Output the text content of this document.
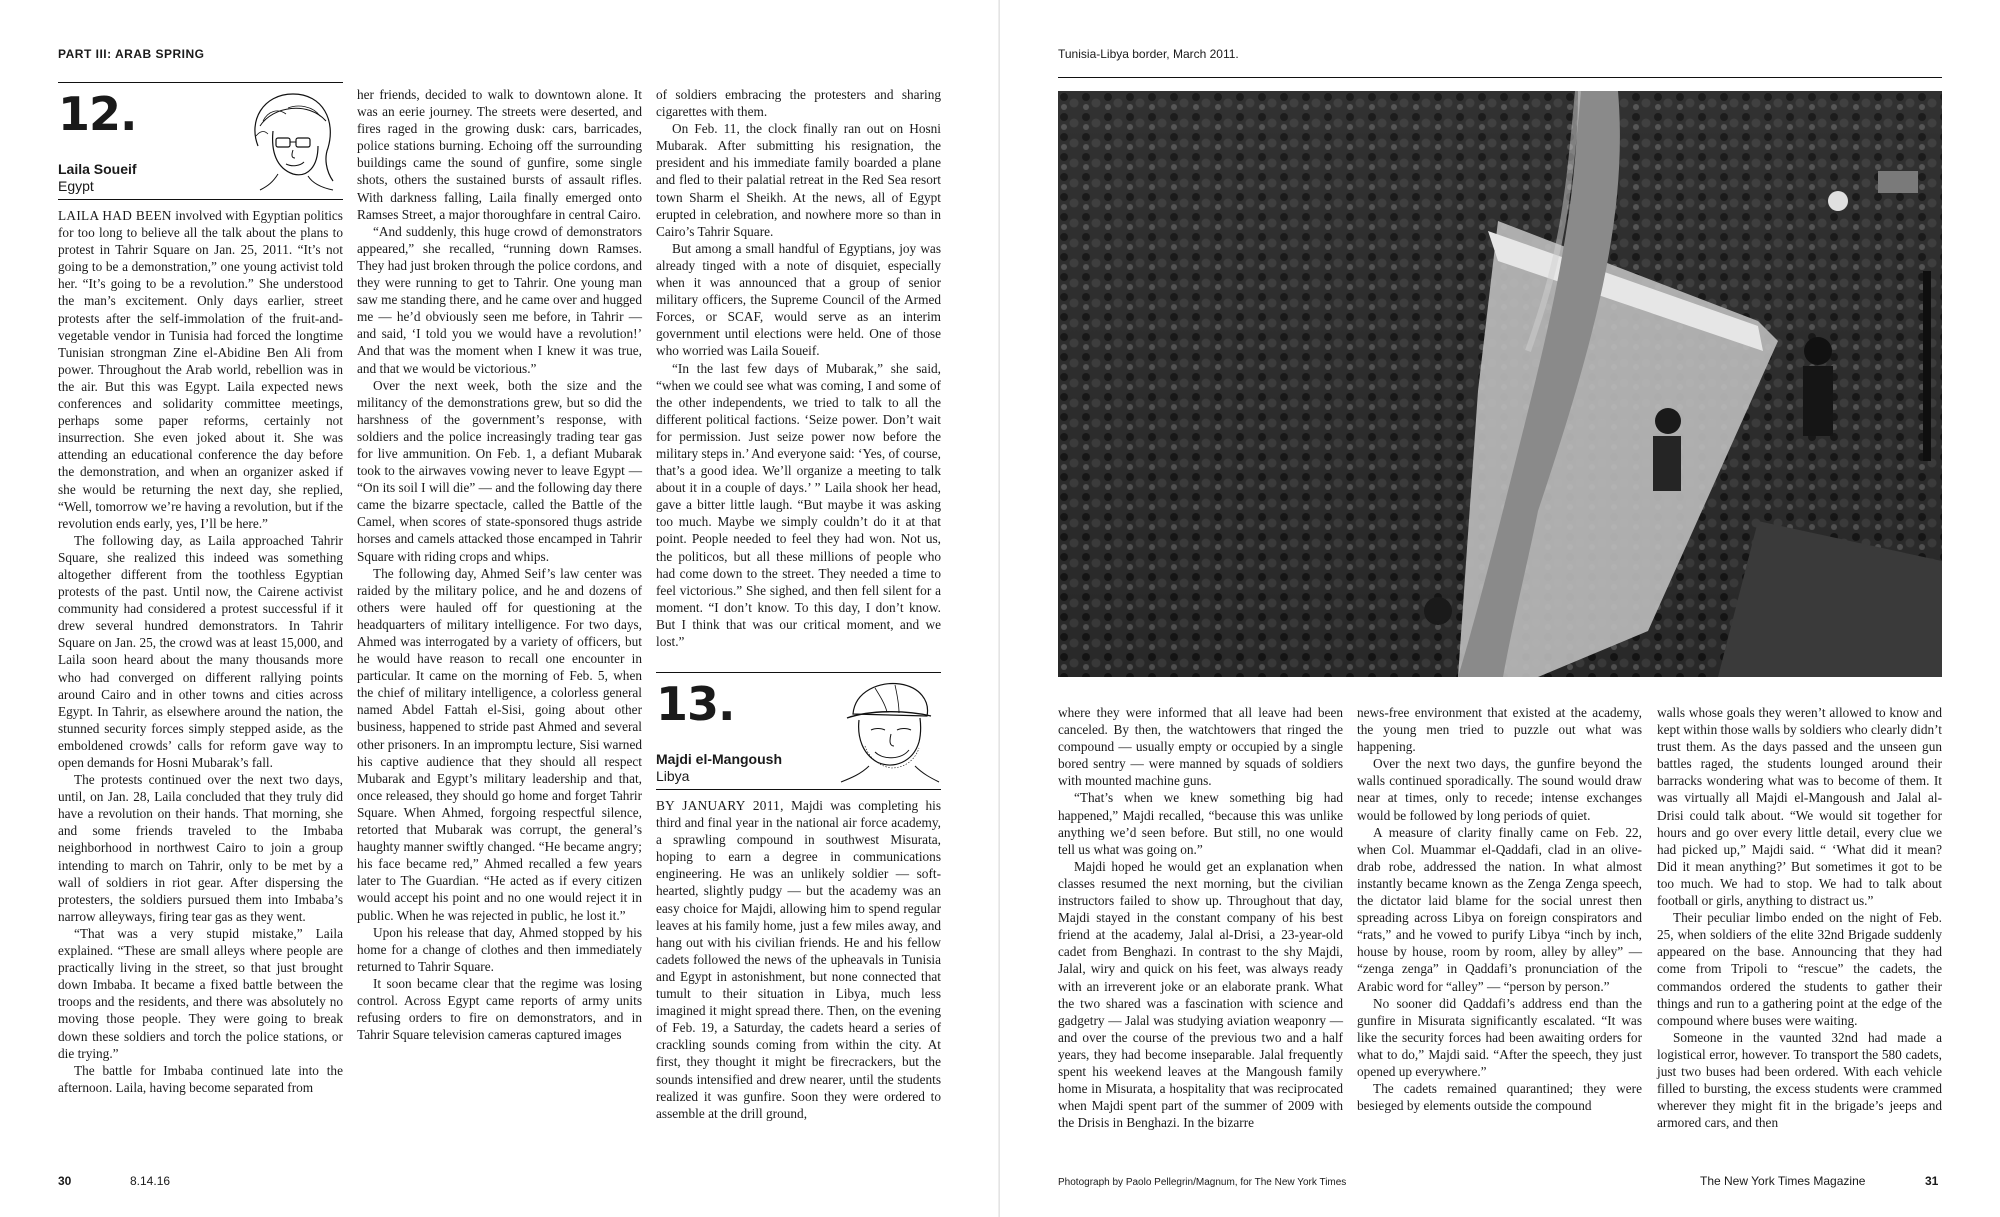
PART III: ARAB SPRING
12.
Laila Soueif
Egypt

LAILA HAD BEEN involved with Egyptian politics for too long to believe all the talk about the plans to protest in Tahrir Square on Jan. 25, 2011. “It’s not going to be a demonstration,” one young activist told her. “It’s going to be a revolution.” She understood the man’s excitement. Only days earlier, street protests after the self-immolation of the fruit-and-vegetable vendor in Tunisia had forced the longtime Tunisian strongman Zine el-Abidine Ben Ali from power. Throughout the Arab world, rebellion was in the air. But this was Egypt. Laila expected news conferences and solidarity committee meetings, perhaps some paper reforms, certainly not insurrection. She even joked about it. She was attending an educational conference the day before the demonstration, and when an organizer asked if she would be returning the next day, she replied, “Well, tomorrow we’re having a revolution, but if the revolution ends early, yes, I’ll be here.”

The following day, as Laila approached Tahrir Square, she realized this indeed was something altogether different from the toothless Egyptian protests of the past. Until now, the Cairene activist community had considered a protest successful if it drew several hundred demonstrators. In Tahrir Square on Jan. 25, the crowd was at least 15,000, and Laila soon heard about the many thousands more who had converged on different rallying points around Cairo and in other towns and cities across Egypt. In Tahrir, as elsewhere around the nation, the stunned security forces simply stepped aside, as the emboldened crowds’ calls for reform gave way to open demands for Hosni Mubarak’s fall.

The protests continued over the next two days, until, on Jan. 28, Laila concluded that they truly did have a revolution on their hands. That morning, she and some friends traveled to the Imbaba neighborhood in northwest Cairo to join a group intending to march on Tahrir, only to be met by a wall of soldiers in riot gear. After dispersing the protesters, the soldiers pursued them into Imbaba’s narrow alleyways, firing tear gas as they went.

“That was a very stupid mistake,” Laila explained. “These are small alleys where people are practically living in the street, so that just brought down Imbaba. It became a fixed battle between the troops and the residents, and there was absolutely no moving those people. They were going to break down these soldiers and torch the police stations, or die trying.”

The battle for Imbaba continued late into the afternoon. Laila, having become separated from

her friends, decided to walk to downtown alone. It was an eerie journey. The streets were deserted, and fires raged in the growing dusk: cars, barricades, police stations burning. Echoing off the surrounding buildings came the sound of gunfire, some single shots, others the sustained bursts of assault rifles. With darkness falling, Laila finally emerged onto Ramses Street, a major thoroughfare in central Cairo.

“And suddenly, this huge crowd of demonstrators appeared,” she recalled, “running down Ramses. They had just broken through the police cordons, and they were running to get to Tahrir. One young man saw me standing there, and he came over and hugged me — he’d obviously seen me before, in Tahrir — and said, ‘I told you we would have a revolution!’ And that was the moment when I knew it was true, and that we would be victorious.”

Over the next week, both the size and the militancy of the demonstrations grew, but so did the harshness of the government’s response, with soldiers and the police increasingly trading tear gas for live ammunition. On Feb. 1, a defiant Mubarak took to the airwaves vowing never to leave Egypt — “On its soil I will die” — and the following day there came the bizarre spectacle, called the Battle of the Camel, when scores of state-sponsored thugs astride horses and camels attacked those encamped in Tahrir Square with riding crops and whips.

The following day, Ahmed Seif’s law center was raided by the military police, and he and dozens of others were hauled off for questioning at the headquarters of military intelligence. For two days, Ahmed was interrogated by a variety of officers, but he would have reason to recall one encounter in particular. It came on the morning of Feb. 5, when the chief of military intelligence, a colorless general named Abdel Fattah el-Sisi, going about other business, happened to stride past Ahmed and several other prisoners. In an impromptu lecture, Sisi warned his captive audience that they should all respect Mubarak and Egypt’s military leadership and that, once released, they should go home and forget Tahrir Square. When Ahmed, forgoing respectful silence, retorted that Mubarak was corrupt, the general’s haughty manner swiftly changed. “He became angry; his face became red,” Ahmed recalled a few years later to The Guardian. “He acted as if every citizen would accept his point and no one would reject it in public. When he was rejected in public, he lost it.”

Upon his release that day, Ahmed stopped by his home for a change of clothes and then immediately returned to Tahrir Square.

It soon became clear that the regime was losing control. Across Egypt came reports of army units refusing orders to fire on demonstrators, and in Tahrir Square television cameras captured images

of soldiers embracing the protesters and sharing cigarettes with them.

On Feb. 11, the clock finally ran out on Hosni Mubarak. After submitting his resignation, the president and his immediate family boarded a plane and fled to their palatial retreat in the Red Sea resort town Sharm el Sheikh. At the news, all of Egypt erupted in celebration, and nowhere more so than in Cairo’s Tahrir Square.

But among a small handful of Egyptians, joy was already tinged with a note of disquiet, especially when it was announced that a group of senior military officers, the Supreme Council of the Armed Forces, or SCAF, would serve as an interim government until elections were held. One of those who worried was Laila Soueif.

“In the last few days of Mubarak,” she said, “when we could see what was coming, I and some of the other independents, we tried to talk to all the different political factions. ‘Seize power. Don’t wait for permission. Just seize power now before the military steps in.’ And everyone said: ‘Yes, of course, that’s a good idea. We’ll organize a meeting to talk about it in a couple of days.’ ” Laila shook her head, gave a bitter little laugh. “But maybe it was asking too much. Maybe we simply couldn’t do it at that point. People needed to feel they had won. Not us, the politicos, but all these millions of people who had come down to the street. They needed a time to feel victorious.” She sighed, and then fell silent for a moment. “I don’t know. To this day, I don’t know. But I think that was our critical moment, and we lost.”

13.
Majdi el-Mangoush
Libya

BY JANUARY 2011, Majdi was completing his third and final year in the national air force academy, a sprawling compound in southwest Misurata, hoping to earn a degree in communications engineering. He was an unlikely soldier — soft-hearted, slightly pudgy — but the academy was an easy choice for Majdi, allowing him to spend regular leaves at his family home, just a few miles away, and hang out with his civilian friends. He and his fellow cadets followed the news of the upheavals in Tunisia and Egypt in astonishment, but none connected that tumult to their situation in Libya, much less imagined it might spread there. Then, on the evening of Feb. 19, a Saturday, the cadets heard a series of crackling sounds coming from within the city. At first, they thought it might be firecrackers, but the sounds intensified and drew nearer, until the students realized it was gunfire. Soon they were ordered to assemble at the drill ground,

30	8.14.16
Tunisia-Libya border, March 2011.

where they were informed that all leave had been canceled. By then, the watchtowers that ringed the compound — usually empty or occupied by a single bored sentry — were manned by squads of soldiers with mounted machine guns.

“That’s when we knew something big had happened,” Majdi recalled, “because this was unlike anything we’d seen before. But still, no one would tell us what was going on.”

Majdi hoped he would get an explanation when classes resumed the next morning, but the civilian instructors failed to show up. Throughout that day, Majdi stayed in the constant company of his best friend at the academy, Jalal al-Drisi, a 23-year-old cadet from Benghazi. In contrast to the shy Majdi, Jalal, wiry and quick on his feet, was always ready with an irreverent joke or an elaborate prank. What the two shared was a fascination with science and gadgetry — Jalal was studying aviation weaponry — and over the course of the previous two and a half years, they had become inseparable. Jalal frequently spent his weekend leaves at the Mangoush family home in Misurata, a hospitality that was reciprocated when Majdi spent part of the summer of 2009 with the Drisis in Benghazi. In the bizarre

news-free environment that existed at the academy, the young men tried to puzzle out what was happening.

Over the next two days, the gunfire beyond the walls continued sporadically. The sound would draw near at times, only to recede; intense exchanges would be followed by long periods of quiet.

A measure of clarity finally came on Feb. 22, when Col. Muammar el-Qaddafi, clad in an olive-drab robe, addressed the nation. In what almost instantly became known as the Zenga Zenga speech, the dictator laid blame for the social unrest then spreading across Libya on foreign conspirators and “rats,” and he vowed to purify Libya “inch by inch, house by house, room by room, alley by alley” — “zenga zenga” in Qaddafi’s pronunciation of the Arabic word for “alley” — “person by person.”

No sooner did Qaddafi’s address end than the gunfire in Misurata significantly escalated. “It was like the security forces had been awaiting orders for what to do,” Majdi said. “After the speech, they just opened up everywhere.”

The cadets remained quarantined; they were besieged by elements outside the compound

walls whose goals they weren’t allowed to know and kept within those walls by soldiers who clearly didn’t trust them. As the days passed and the unseen gun battles raged, the students lounged around their barracks wondering what was to become of them. It was virtually all Majdi el-Mangoush and Jalal al-Drisi could talk about. “We would sit together for hours and go over every little detail, every clue we had picked up,” Majdi said. “ ‘What did it mean? Did it mean anything?’ But sometimes it got to be too much. We had to stop. We had to talk about football or girls, anything to distract us.”

Their peculiar limbo ended on the night of Feb. 25, when soldiers of the elite 32nd Brigade suddenly appeared on the base. Announcing that they had come from Tripoli to “rescue” the cadets, the commandos ordered the students to gather their things and run to a gathering point at the edge of the compound where buses were waiting.

Someone in the vaunted 32nd had made a logistical error, however. To transport the 580 cadets, just two buses had been ordered. With each vehicle filled to bursting, the excess students were crammed wherever they might fit in the brigade’s jeeps and armored cars, and then

Photograph by Paolo Pellegrin/Magnum, for The New York Times	The New York Times Magazine	31
